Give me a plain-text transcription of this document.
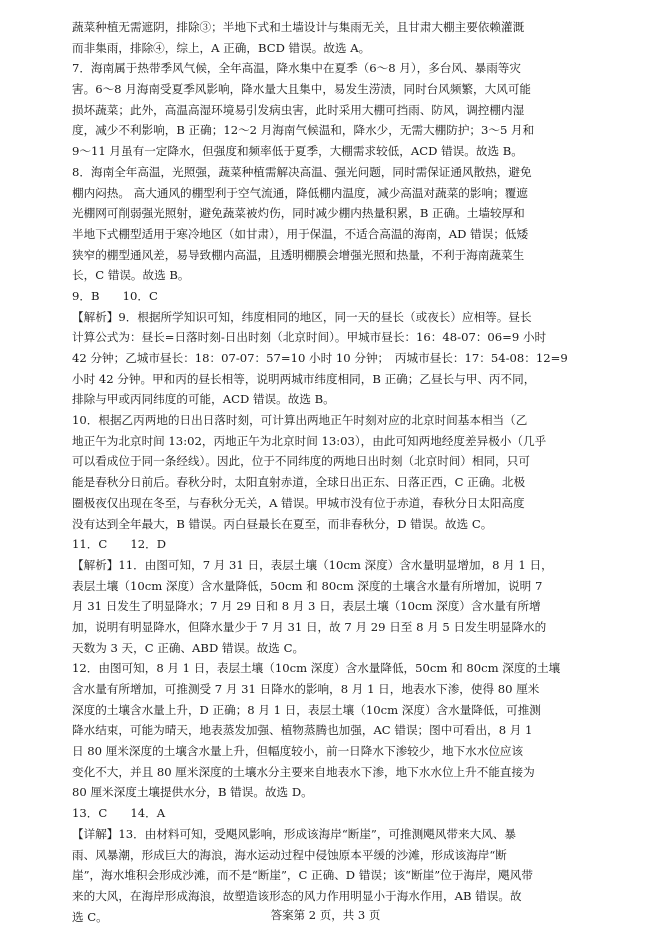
蔬菜种植无需遮阴，排除③；半地下式和土墙设计与集雨无关，且甘肃大棚主要依赖灌溉
而非集雨，排除④，综上，A 正确，BCD 错误。故选 A。
7．海南属于热带季风气候，全年高温，降水集中在夏季（6～8 月），多台风、暴雨等灾
害。6～8 月海南受夏季风影响，降水量大且集中，易发生涝渍，同时台风频繁，大风可能
损坏蔬菜；此外，高温高湿环境易引发病虫害，此时采用大棚可挡雨、防风，调控棚内湿
度，减少不利影响，B 正确；12～2 月海南气候温和，降水少，无需大棚防护；3～5 月和
9～11 月虽有一定降水，但强度和频率低于夏季，大棚需求较低，ACD 错误。故选 B。
8．海南全年高温，光照强，蔬菜种植需解决高温、强光问题，同时需保证通风散热，避免
棚内闷热。 高大通风的棚型利于空气流通，降低棚内温度，减少高温对蔬菜的影响；覆遮
光棚网可削弱强光照射，避免蔬菜被灼伤，同时减少棚内热量积累，B 正确。土墙较厚和
半地下式棚型适用于寒冷地区（如甘肃），用于保温，不适合高温的海南，AD 错误；低矮
狭窄的棚型通风差，易导致棚内高温，且透明棚膜会增强光照和热量，不利于海南蔬菜生
长，C 错误。故选 B。
9．B　　10．C
【解析】9．根据所学知识可知，纬度相同的地区，同一天的昼长（或夜长）应相等。昼长
计算公式为：昼长=日落时刻-日出时刻（北京时间）。甲城市昼长：16：48-07：06=9 小时
42 分钟；乙城市昼长：18：07-07：57=10 小时 10 分钟；　丙城市昼长：17：54-08：12=9
小时 42 分钟。甲和丙的昼长相等，说明两城市纬度相同，B 正确；乙昼长与甲、丙不同，
排除与甲或丙同纬度的可能，ACD 错误。故选 B。
10．根据乙丙两地的日出日落时刻，可计算出两地正午时刻对应的北京时间基本相当（乙
地正午为北京时间 13:02，丙地正午为北京时间 13:03），由此可知两地经度差异极小（几乎
可以看成位于同一条经线）。因此，位于不同纬度的两地日出时刻（北京时间）相同，只可
能是春秋分日前后。春秋分时，太阳直射赤道，全球日出正东、日落正西，C 正确。北极
圈极夜仅出现在冬至，与春秋分无关，A 错误。甲城市没有位于赤道，春秋分日太阳高度
没有达到全年最大，B 错误。丙白昼最长在夏至，而非春秋分，D 错误。故选 C。
11．C　　12．D
【解析】11．由图可知，7 月 31 日，表层土壤（10cm 深度）含水量明显增加，8 月 1 日，
表层土壤（10cm 深度）含水量降低，50cm 和 80cm 深度的土壤含水量有所增加，说明 7
月 31 日发生了明显降水；7 月 29 日和 8 月 3 日，表层土壤（10cm 深度）含水量有所增
加，说明有明显降水，但降水量少于 7 月 31 日，故 7 月 29 日至 8 月 5 日发生明显降水的
天数为 3 天，C 正确、ABD 错误。故选 C。
12．由图可知，8 月 1 日，表层土壤（10cm 深度）含水量降低，50cm 和 80cm 深度的土壤
含水量有所增加，可推测受 7 月 31 日降水的影响，8 月 1 日，地表水下渗，使得 80 厘米
深度的土壤含水量上升，D 正确；8 月 1 日，表层土壤（10cm 深度）含水量降低，可推测
降水结束，可能为晴天，地表蒸发加强、植物蒸腾也加强，AC 错误；图中可看出，8 月 1
日 80 厘米深度的土壤含水量上升，但幅度较小，前一日降水下渗较少，地下水水位应该
变化不大，并且 80 厘米深度的土壤水分主要来自地表水下渗，地下水水位上升不能直接为
80 厘米深度土壤提供水分，B 错误。故选 D。
13．C　　14．A
【详解】13．由材料可知，受飓风影响，形成该海岸“断崖”，可推测飓风带来大风、暴
雨、风暴潮，形成巨大的海浪，海水运动过程中侵蚀原本平缓的沙滩，形成该海岸“断
崖”，海水堆积会形成沙滩，而不是“断崖”，C 正确、D 错误；该“断崖”位于海岸，飓风带
来的大风，在海岸形成海浪，故塑造该形态的风力作用明显小于海水作用，AB 错误。故
选 C。	答案第 2 页，共 3 页
